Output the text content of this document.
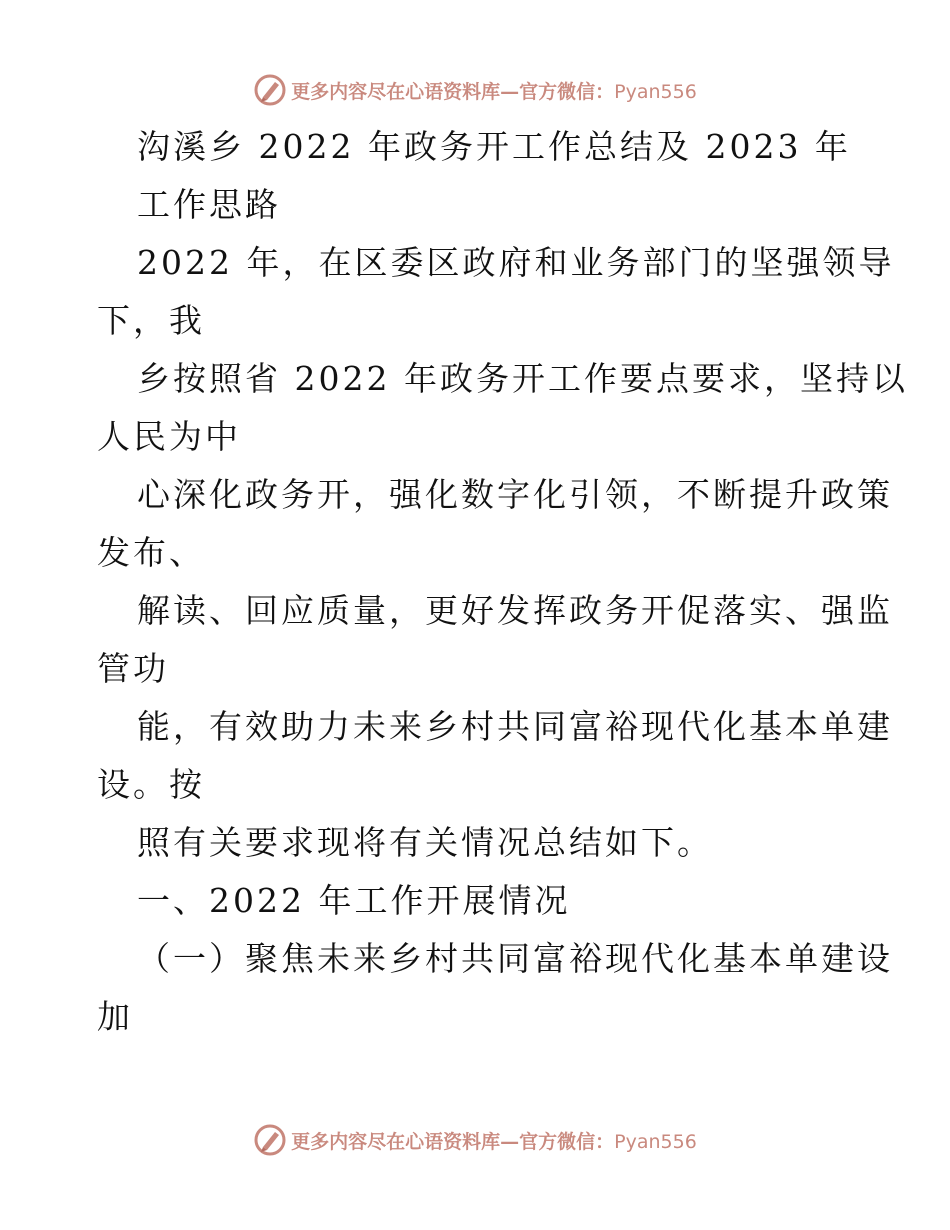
更多内容尽在心语资料库—官方微信：Pyan556
沟溪乡 2022 年政务开工作总结及 2023 年
工作思路
2022 年，在区委区政府和业务部门的坚强领导
下，我
乡按照省 2022 年政务开工作要点要求，坚持以
人民为中
心深化政务开，强化数字化引领，不断提升政策
发布、
解读、回应质量，更好发挥政务开促落实、强监
管功
能，有效助力未来乡村共同富裕现代化基本单建
设。按
照有关要求现将有关情况总结如下。
一、2022 年工作开展情况
（一）聚焦未来乡村共同富裕现代化基本单建设
加
更多内容尽在心语资料库—官方微信：Pyan556
